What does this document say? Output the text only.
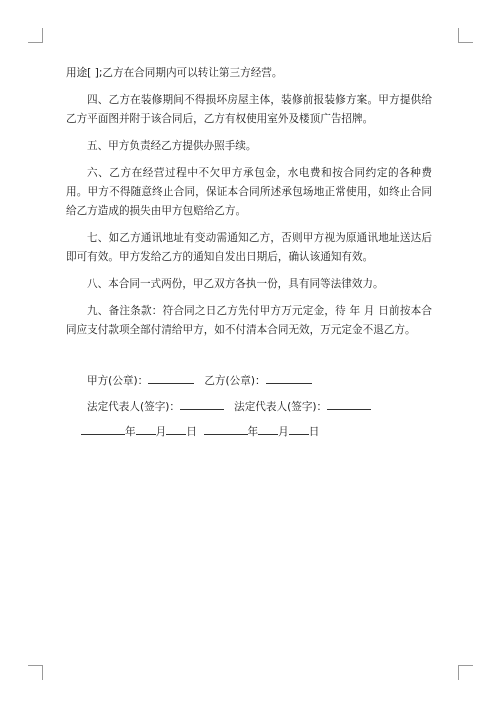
用途[ ];乙方在合同期内可以转让第三方经营。

四、乙方在装修期间不得损坏房屋主体，装修前报装修方案。甲方提供给乙方平面图并附于该合同后，乙方有权使用室外及楼顶广告招牌。

五、甲方负责经乙方提供办照手续。

六、乙方在经营过程中不欠甲方承包金，水电费和按合同约定的各种费用。甲方不得随意终止合同，保证本合同所述承包场地正常使用，如终止合同给乙方造成的损失由甲方包赔给乙方。

七、如乙方通讯地址有变动需通知乙方，否则甲方视为原通讯地址送达后即可有效。甲方发给乙方的通知自发出日期后，确认该通知有效。

八、本合同一式两份，甲乙双方各执一份，具有同等法律效力。

九、备注条款：符合同之日乙方先付甲方万元定金，待 年 月 日前按本合同应支付款项全部付清给甲方，如不付清本合同无效，万元定金不退乙方。

甲方(公章)：	乙方(公章)：
法定代表人(签字)：	法定代表人(签字)：
年 月 日	年 月 日
